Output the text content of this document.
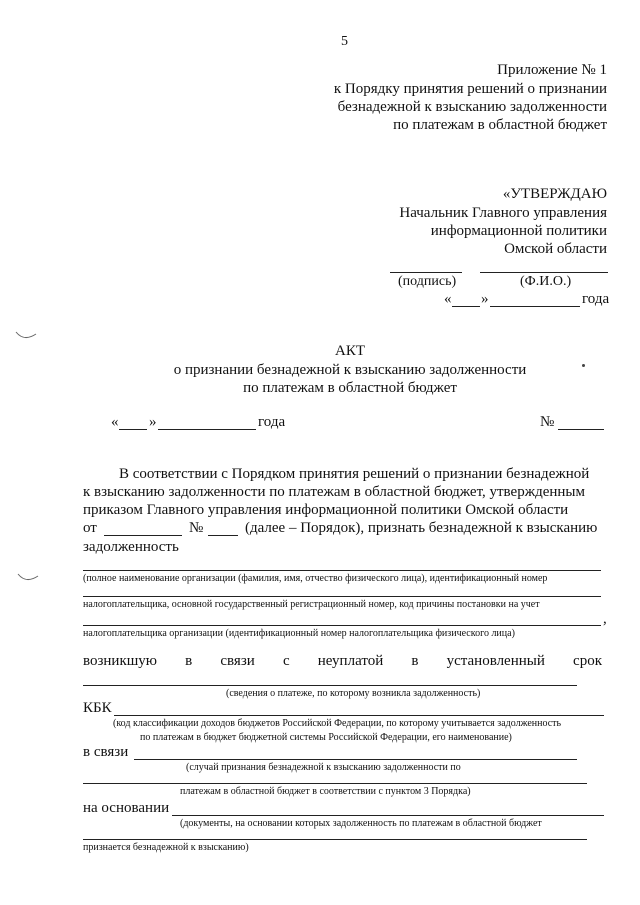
5
Приложение № 1
к Порядку принятия решений о признании
безнадежной к взысканию задолженности
по платежам в областной бюджет
«УТВЕРЖДАЮ
Начальник Главного управления
информационной политики
Омской области
(подпись)	(Ф.И.О.)
« »	года
АКТ
о признании безнадежной к взысканию задолженности
по платежам в областной бюджет
« »	года	№
В соответствии с Порядком принятия решений о признании безнадежной
к взысканию задолженности по платежам в областной бюджет, утвержденным
приказом Главного управления информационной политики Омской области
от	№	(далее – Порядок), признать безнадежной к взысканию
задолженность
(полное наименование организации (фамилия, имя, отчество физического лица), идентификационный номер
налогоплательщика, основной государственный регистрационный номер, код причины постановки на учет
,
налогоплательщика организации (идентификационный номер налогоплательщика физического лица)
возникшую в связи с неуплатой в установленный срок
(сведения о платеже, по которому возникла задолженность)
КБК
(код классификации доходов бюджетов Российской Федерации, по которому учитывается задолженность
по платежам в бюджет бюджетной системы Российской Федерации, его наименование)
в связи
(случай признания безнадежной к взысканию задолженности по
платежам в областной бюджет в соответствии с пунктом 3 Порядка)
на основании
(документы, на основании которых задолженность по платежам в областной бюджет
признается безнадежной к взысканию)
